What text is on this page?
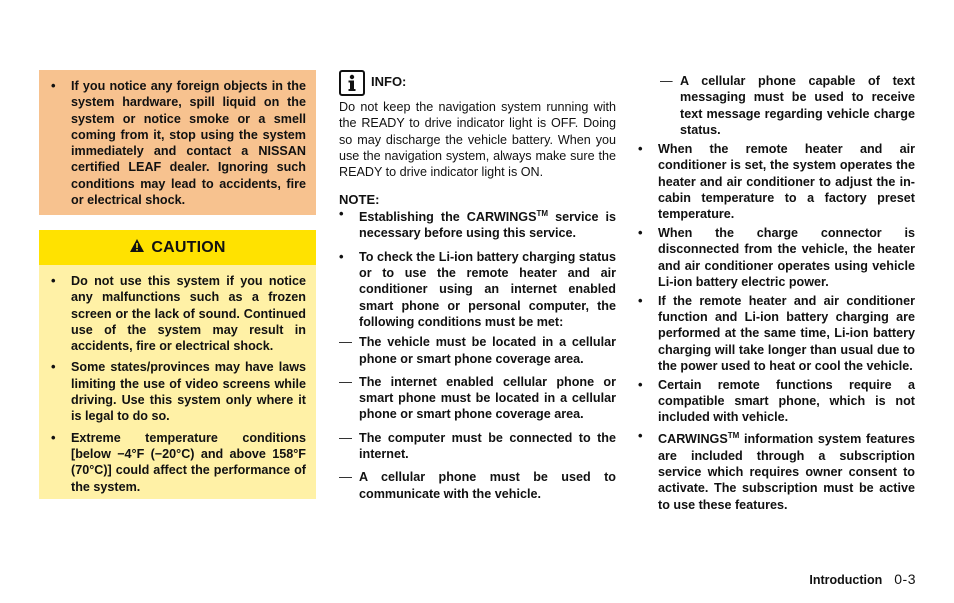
• If you notice any foreign objects in the system hardware, spill liquid on the system or notice smoke or a smell coming from it, stop using the system immediately and contact a NISSAN certified LEAF dealer. Ignoring such conditions may lead to accidents, fire or electrical shock.
CAUTION
• Do not use this system if you notice any malfunctions such as a frozen screen or the lack of sound. Continued use of the system may result in accidents, fire or electrical shock.
• Some states/provinces may have laws limiting the use of video screens while driving. Use this system only where it is legal to do so.
• Extreme temperature conditions [below −4°F (−20°C) and above 158°F (70°C)] could affect the performance of the system.
INFO:

Do not keep the navigation system running with the READY to drive indicator light is OFF. Doing so may discharge the vehicle battery. When you use the navigation system, always make sure the READY to drive indicator light is ON.

NOTE:
• Establishing the CARWINGS™ service is necessary before using this service.
• To check the Li-ion battery charging status or to use the remote heater and air conditioner using an internet enabled smart phone or personal computer, the following conditions must be met:
— The vehicle must be located in a cellular phone or smart phone coverage area.
— The internet enabled cellular phone or smart phone must be located in a cellular phone or smart phone coverage area.
— The computer must be connected to the internet.
— A cellular phone must be used to communicate with the vehicle.
— A cellular phone capable of text messaging must be used to receive text message regarding vehicle charge status.
• When the remote heater and air conditioner is set, the system operates the heater and air conditioner to adjust the in-cabin temperature to a factory preset temperature.
• When the charge connector is disconnected from the vehicle, the heater and air conditioner operates using vehicle Li-ion battery electric power.
• If the remote heater and air conditioner function and Li-ion battery charging are performed at the same time, Li-ion battery charging will take longer than usual due to the power used to heat or cool the vehicle.
• Certain remote functions require a compatible smart phone, which is not included with vehicle.
• CARWINGS™ information system features are included through a subscription service which requires owner consent to activate. The subscription must be active to use these features.
Introduction 0-3
